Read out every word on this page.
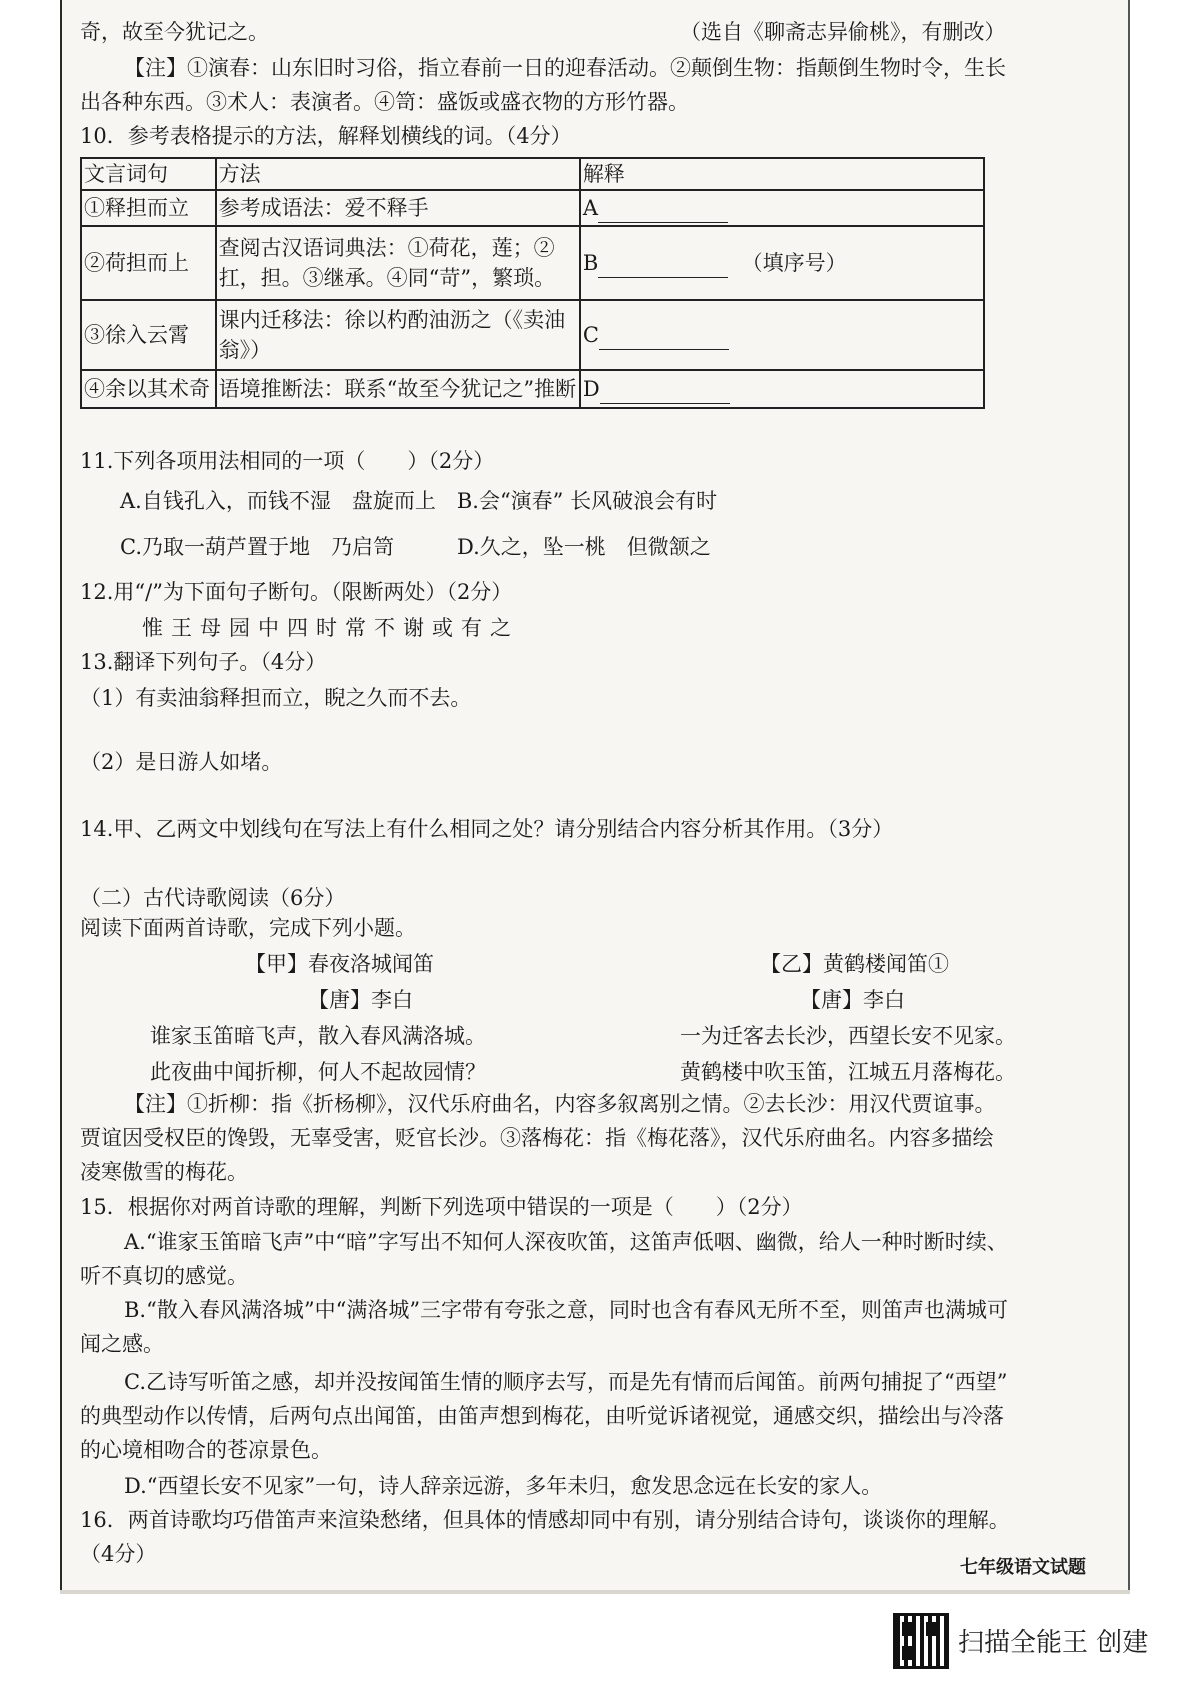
奇，故至今犹记之。	（选自《聊斋志异偷桃》，有删改）
【注】①演春：山东旧时习俗，指立春前一日的迎春活动。②颠倒生物：指颠倒生物时令，生长
出各种东西。③术人：表演者。④笥：盛饭或盛衣物的方形竹器。
10．参考表格提示的方法，解释划横线的词。（4分）
文言词句	方法	解释
①释担而立	参考成语法：爱不释手	A
②荷担而上	查阅古汉语词典法：①荷花，莲；②扛，担。③继承。④同“苛”，繁琐。	B （填序号）
③徐入云霄	课内迁移法：徐以杓酌油沥之（《卖油翁》）	C
④余以其术奇	语境推断法：联系“故至今犹记之”推断	D
11.下列各项用法相同的一项（　　）（2分）
A.自钱孔入，而钱不湿　盘旋而上　B.会“演春” 长风破浪会有时
C.乃取一葫芦置于地　乃启笥　　　D.久之，坠一桃　但微颔之
12.用“/”为下面句子断句。（限断两处）（2分）
惟王母园中四时常不谢或有之
13.翻译下列句子。（4分）
（1）有卖油翁释担而立，睨之久而不去。
（2）是日游人如堵。
14.甲、乙两文中划线句在写法上有什么相同之处？请分别结合内容分析其作用。（3分）
（二）古代诗歌阅读（6分）
阅读下面两首诗歌，完成下列小题。
【甲】春夜洛城闻笛
【唐】李白
谁家玉笛暗飞声，散入春风满洛城。
此夜曲中闻折柳，何人不起故园情？
【乙】黄鹤楼闻笛①
【唐】李白
一为迁客去长沙，西望长安不见家。
黄鹤楼中吹玉笛，江城五月落梅花。
【注】①折柳：指《折杨柳》，汉代乐府曲名，内容多叙离别之情。②去长沙：用汉代贾谊事。
贾谊因受权臣的馋毁，无辜受害，贬官长沙。③落梅花：指《梅花落》，汉代乐府曲名。内容多描绘
凌寒傲雪的梅花。
15．根据你对两首诗歌的理解，判断下列选项中错误的一项是（　　）（2分）
A.“谁家玉笛暗飞声”中“暗”字写出不知何人深夜吹笛，这笛声低咽、幽微，给人一种时断时续、
听不真切的感觉。
B.“散入春风满洛城”中“满洛城”三字带有夸张之意，同时也含有春风无所不至，则笛声也满城可
闻之感。
C.乙诗写听笛之感，却并没按闻笛生情的顺序去写，而是先有情而后闻笛。前两句捕捉了“西望”
的典型动作以传情，后两句点出闻笛，由笛声想到梅花，由听觉诉诸视觉，通感交织，描绘出与冷落
的心境相吻合的苍凉景色。
D.“西望长安不见家”一句，诗人辞亲远游，多年未归，愈发思念远在长安的家人。
16．两首诗歌均巧借笛声来渲染愁绪，但具体的情感却同中有别，请分别结合诗句，谈谈你的理解。
（4分）
七年级语文试题
扫描全能王 创建
